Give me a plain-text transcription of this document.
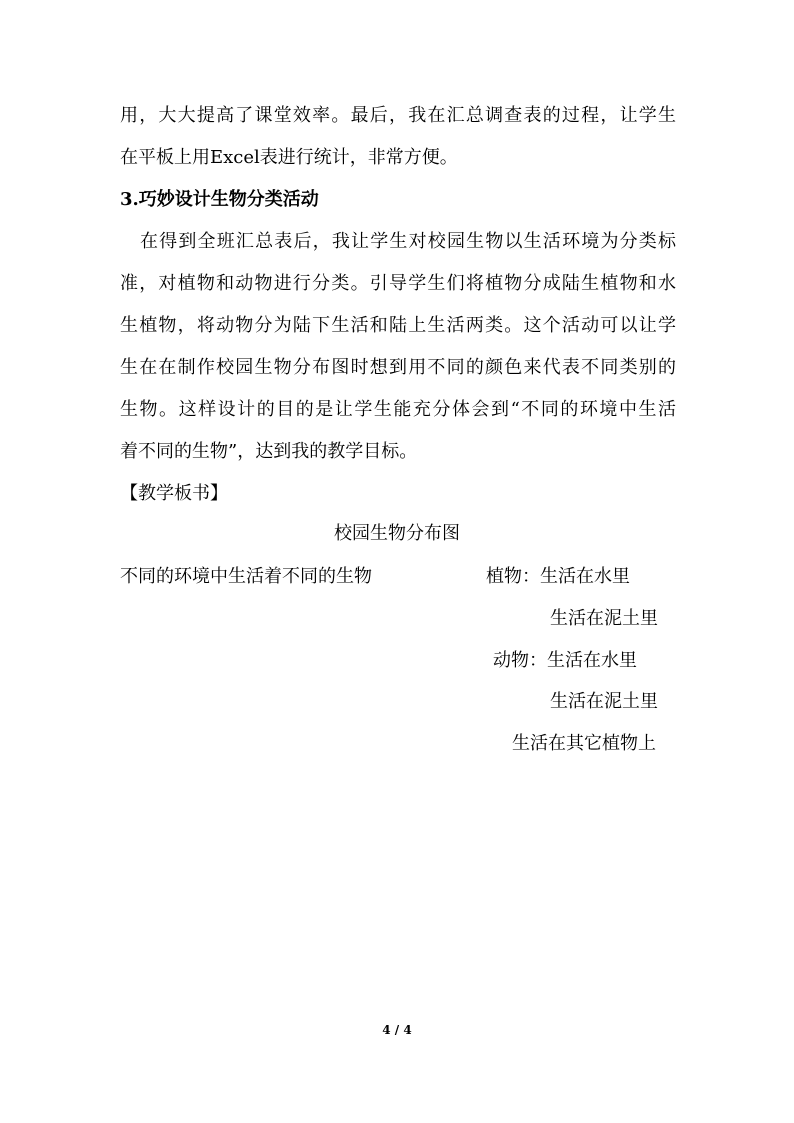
用，大大提高了课堂效率。最后，我在汇总调查表的过程，让学生
在平板上用Excel表进行统计，非常方便。
3.巧妙设计生物分类活动
在得到全班汇总表后，我让学生对校园生物以生活环境为分类标
准，对植物和动物进行分类。引导学生们将植物分成陆生植物和水
生植物，将动物分为陆下生活和陆上生活两类。这个活动可以让学
生在在制作校园生物分布图时想到用不同的颜色来代表不同类别的
生物。这样设计的目的是让学生能充分体会到“不同的环境中生活
着不同的生物”，达到我的教学目标。
【教学板书】
校园生物分布图
不同的环境中生活着不同的生物	植物：生活在水里
生活在泥土里
动物：生活在水里
生活在泥土里
生活在其它植物上
4 / 4
